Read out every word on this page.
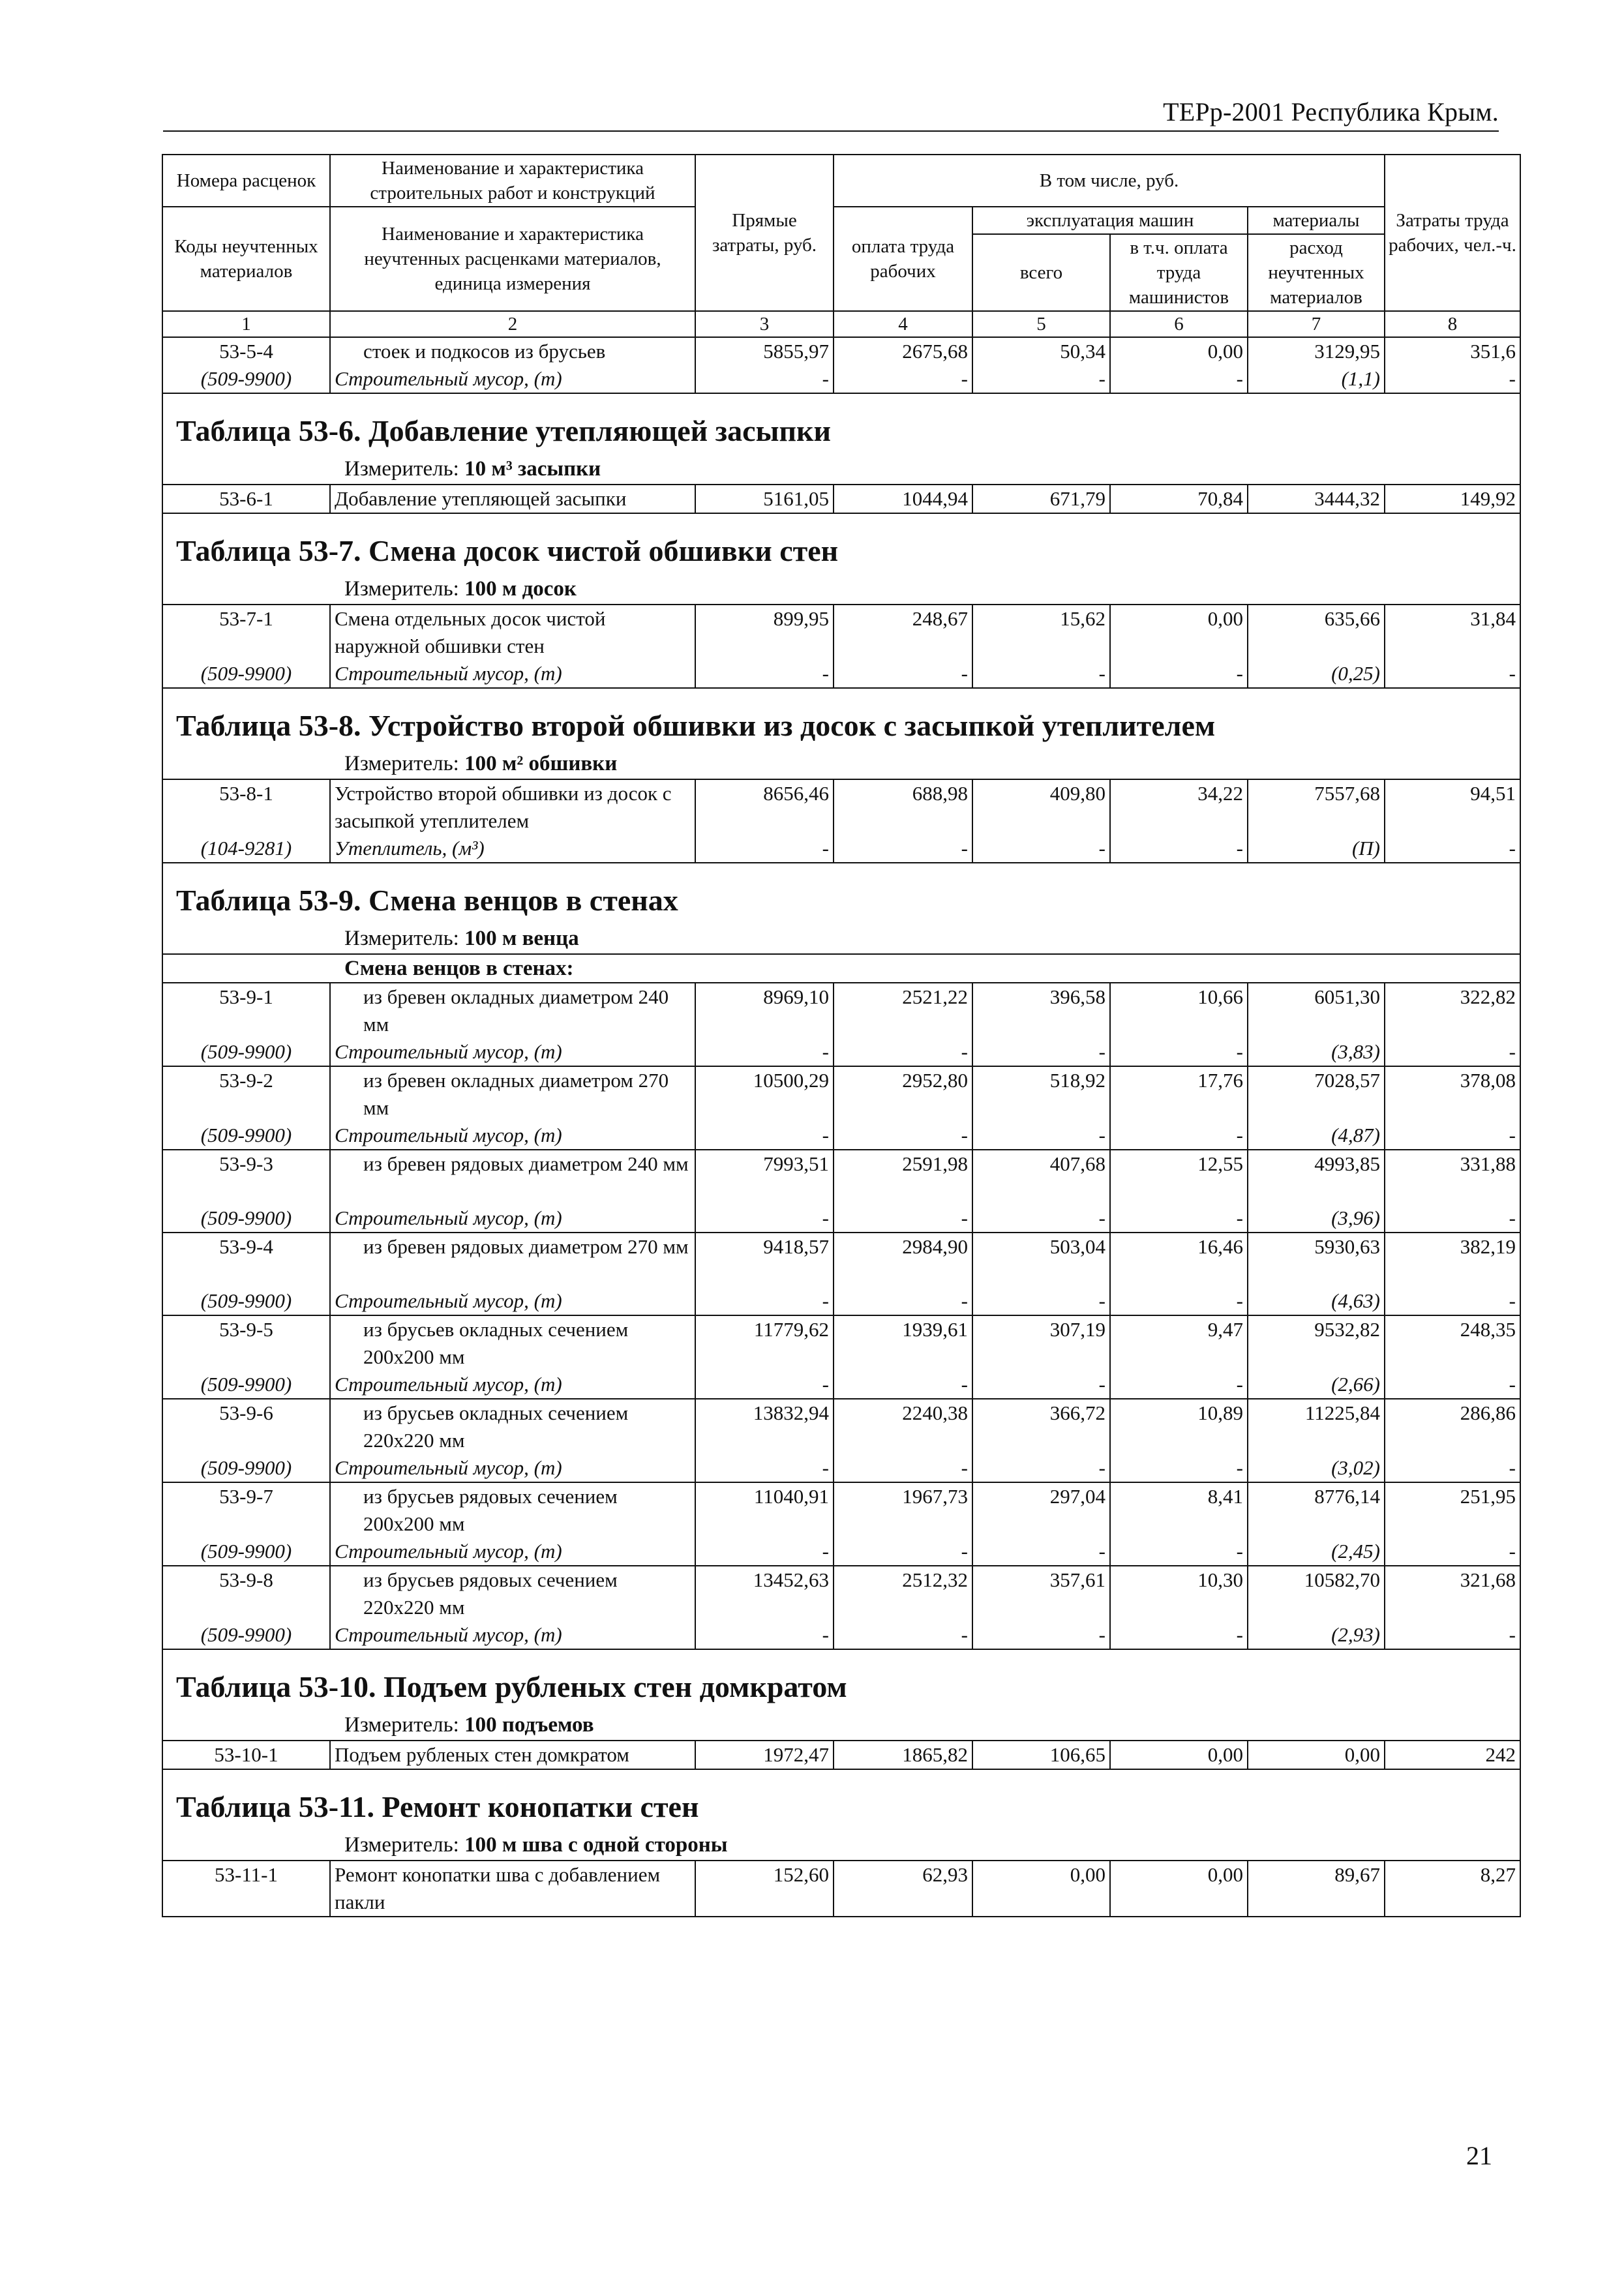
ТЕРр-2001 Республика Крым.
Номера расценок	Наименование и характеристика строительных работ и конструкций	Прямые затраты, руб.	В том числе, руб.				Затраты труда рабочих, чел.-ч.
Коды неучтенных материалов	Наименование и характеристика неучтенных расценками материалов, единица измерения		оплата труда рабочих	эксплуатация машин		материалы	
				всего	в т.ч. оплата труда машинистов	расход неучтенных материалов	
1	2	3	4	5	6	7	8
53-5-4	стоек и подкосов из брусьев	5855,97	2675,68	50,34	0,00	3129,95	351,6
(509-9900)	Строительный мусор, (т)	-	-	-	-	(1,1)	-
Таблица 53-6. Добавление утепляющей засыпки							
Измеритель: 10 м³ засыпки							
53-6-1	Добавление утепляющей засыпки	5161,05	1044,94	671,79	70,84	3444,32	149,92
Таблица 53-7. Смена досок чистой обшивки стен							
Измеритель: 100 м досок							
53-7-1	Смена отдельных досок чистой наружной обшивки стен	899,95	248,67	15,62	0,00	635,66	31,84
(509-9900)	Строительный мусор, (т)	-	-	-	-	(0,25)	-
Таблица 53-8. Устройство второй обшивки из досок с засыпкой утеплителем							
Измеритель: 100 м² обшивки							
53-8-1	Устройство второй обшивки из досок с засыпкой утеплителем	8656,46	688,98	409,80	34,22	7557,68	94,51
(104-9281)	Утеплитель, (м³)	-	-	-	-	(П)	-
Таблица 53-9. Смена венцов в стенах							
Измеритель: 100 м венца							
Смена венцов в стенах:							
53-9-1	из бревен окладных диаметром 240 мм	8969,10	2521,22	396,58	10,66	6051,30	322,82
(509-9900)	Строительный мусор, (т)	-	-	-	-	(3,83)	-
53-9-2	из бревен окладных диаметром 270 мм	10500,29	2952,80	518,92	17,76	7028,57	378,08
(509-9900)	Строительный мусор, (т)	-	-	-	-	(4,87)	-
53-9-3	из бревен рядовых диаметром 240 мм	7993,51	2591,98	407,68	12,55	4993,85	331,88
(509-9900)	Строительный мусор, (т)	-	-	-	-	(3,96)	-
53-9-4	из бревен рядовых диаметром 270 мм	9418,57	2984,90	503,04	16,46	5930,63	382,19
(509-9900)	Строительный мусор, (т)	-	-	-	-	(4,63)	-
53-9-5	из брусьев окладных сечением 200х200 мм	11779,62	1939,61	307,19	9,47	9532,82	248,35
(509-9900)	Строительный мусор, (т)	-	-	-	-	(2,66)	-
53-9-6	из брусьев окладных сечением 220х220 мм	13832,94	2240,38	366,72	10,89	11225,84	286,86
(509-9900)	Строительный мусор, (т)	-	-	-	-	(3,02)	-
53-9-7	из брусьев рядовых сечением 200х200 мм	11040,91	1967,73	297,04	8,41	8776,14	251,95
(509-9900)	Строительный мусор, (т)	-	-	-	-	(2,45)	-
53-9-8	из брусьев рядовых сечением 220х220 мм	13452,63	2512,32	357,61	10,30	10582,70	321,68
(509-9900)	Строительный мусор, (т)	-	-	-	-	(2,93)	-
Таблица 53-10. Подъем рубленых стен домкратом							
Измеритель: 100 подъемов							
53-10-1	Подъем рубленых стен домкратом	1972,47	1865,82	106,65	0,00	0,00	242
Таблица 53-11. Ремонт конопатки стен							
Измеритель: 100 м шва с одной стороны							
53-11-1	Ремонт конопатки шва с добавлением пакли	152,60	62,93	0,00	0,00	89,67	8,27
21
